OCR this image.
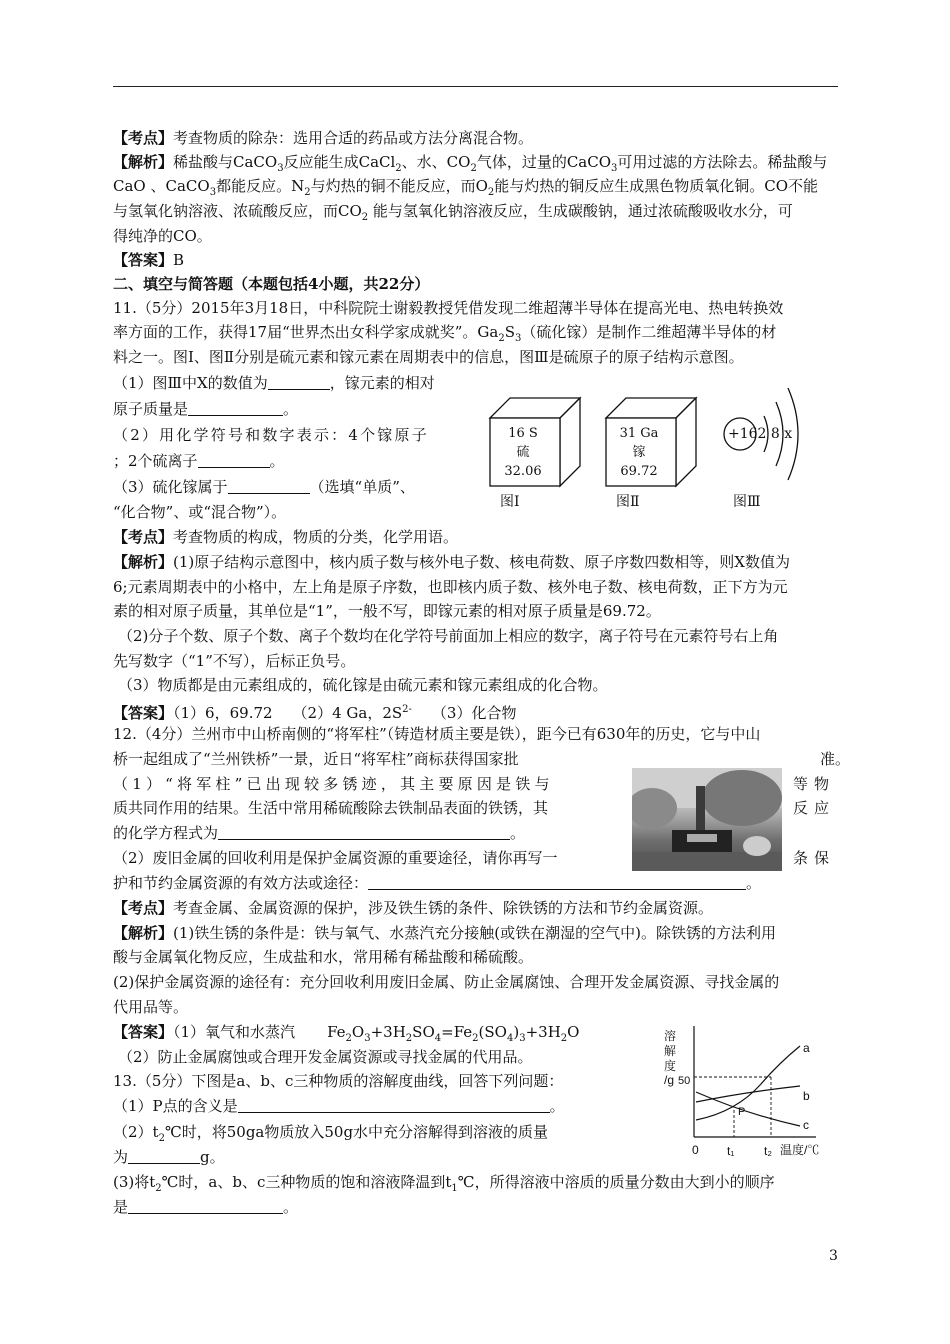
【考点】考查物质的除杂：选用合适的药品或方法分离混合物。
【解析】稀盐酸与CaCO$_3$反应能生成CaCl$_2$、水、$CO_2$气体，过量的CaCO$_3$可用过滤的方法除去。稀盐酸与
CaO 、CaCO$_3$都能反应。$N_2$与灼热的铜不能反应，而$O_2$能与灼热的铜反应生成黑色物质氧化铜。CO不能
与氢氧化钠溶液、浓硫酸反应，而$CO_2$ 能与氢氧化钠溶液反应，生成碳酸钠，通过浓硫酸吸收水分，可
得纯净的CO。
【答案】B
二、填空与简答题（本题包括4小题，共22分）
11.（5分）2015年3月18日，中科院院士谢毅教授凭借发现二维超薄半导体在提高光电、热电转换效
率方面的工作，获得17届“世界杰出女科学家成就奖”。$Ga_2S_3$（硫化镓）是制作二维超薄半导体的材
料之一。图Ⅰ、图Ⅱ分别是硫元素和镓元素在周期表中的信息，图Ⅲ是硫原子的原子结构示意图。
（1）图Ⅲ中X的数值为	，镓元素的相对
原子质量是	。
（2）用化学符号和数字表示：4个镓原子
；2个硫离子	。
（3）硫化镓属于	（选填“单质”、
“化合物”、或“混合物”）。
16 S
硫
32.06
图Ⅰ
31 Ga
镓
69.72
图Ⅱ
+162 8 x
图Ⅲ
【考点】考查物质的构成，物质的分类，化学用语。
【解析】(1)原子结构示意图中，核内质子数与核外电子数、核电荷数、原子序数四数相等，则X数值为
6;元素周期表中的小格中，左上角是原子序数，也即核内质子数、核外电子数、核电荷数，正下方为元
素的相对原子质量，其单位是“1”，一般不写，即镓元素的相对原子质量是69.72。
（2)分子个数、原子个数、离子个数均在化学符号前面加上相应的数字，离子符号在元素符号右上角
先写数字（“1”不写），后标正负号。
（3）物质都是由元素组成的，硫化镓是由硫元素和镓元素组成的化合物。
【答案】（1）6，69.72 （2）4 Ga，$2S^{2-}$ （3）化合物
12.（4分）兰州市中山桥南侧的“将军柱”（铸造材质主要是铁），距今已有630年的历史，它与中山
桥一起组成了“兰州铁桥”一景，近日“将军柱”商标获得国家批	准。
（1）“将军柱”已出现较多锈迹，其主要原因是铁与	等物
质共同作用的结果。生活中常用稀硫酸除去铁制品表面的铁锈，其	反应
的化学方程式为	。
（2）废旧金属的回收利用是保护金属资源的重要途径，请你再写一	条保
护和节约金属资源的有效方法或途径：	。
【考点】考查金属、金属资源的保护，涉及铁生锈的条件、除铁锈的方法和节约金属资源。
【解析】(1)铁生锈的条件是：铁与氧气、水蒸汽充分接触(或铁在潮湿的空气中)。除铁锈的方法利用
酸与金属氧化物反应，生成盐和水，常用稀有稀盐酸和稀硫酸。
(2)保护金属资源的途径有：充分回收利用废旧金属、防止金属腐蚀、合理开发金属资源、寻找金属的
代用品等。
【答案】（1）氧气和水蒸汽 $Fe_2O_3+3H_2SO_4=Fe_2(SO_4)_3+3H_2O$
（2）防止金属腐蚀或合理开发金属资源或寻找金属的代用品。
13.（5分）下图是a、b、c三种物质的溶解度曲线，回答下列问题：
（1）P点的含义是	。
$(2)t_2℃$时，将50ga物质放入50g水中充分溶解得到溶液的质量
为	g。
(3)将$t_2℃$时，a、b、c三种物质的饱和溶液降温到$t_1℃$，所得溶液中溶质的质量分数由大到小的顺序
是	。
溶
解
度
/g 50
0 t₁ t₂ 温度/℃
a
b
c
P
3
